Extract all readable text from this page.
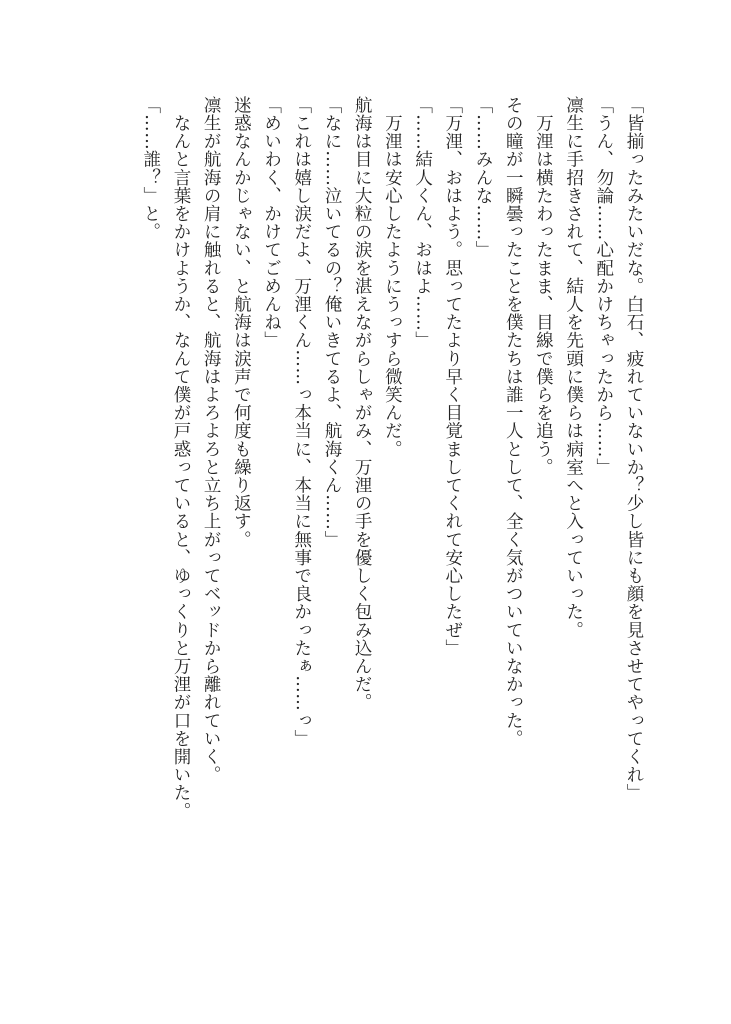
「皆揃ったみたいだな。白石、疲れていないか？少し皆にも顔を見させてやってくれ」
「うん、勿論……心配かけちゃったから……」
凛生に手招きされて、結人を先頭に僕らは病室へと入っていった。
　万浬は横たわったまま、目線で僕らを追う。
その瞳が一瞬曇ったことを僕たちは誰一人として、全く気がついていなかった。
「……みんな……」
「万浬、おはよう。思ってたより早く目覚ましてくれて安心したぜ」
「……結人くん、おはよ……」
　万浬は安心したようにうっすら微笑んだ。
航海は目に大粒の涙を湛えながらしゃがみ、万浬の手を優しく包み込んだ。
「なに……泣いてるの？俺いきてるよ、航海くん……」
「これは嬉し涙だよ、万浬くん……っ本当に、本当に無事で良かったぁ……っ」
「めいわく、かけてごめんね」
迷惑なんかじゃない、と航海は涙声で何度も繰り返す。
凛生が航海の肩に触れると、航海はよろよろと立ち上がってベッドから離れていく。
　なんと言葉をかけようか、なんて僕が戸惑っていると、ゆっくりと万浬が口を開いた。
「……誰？」と。
